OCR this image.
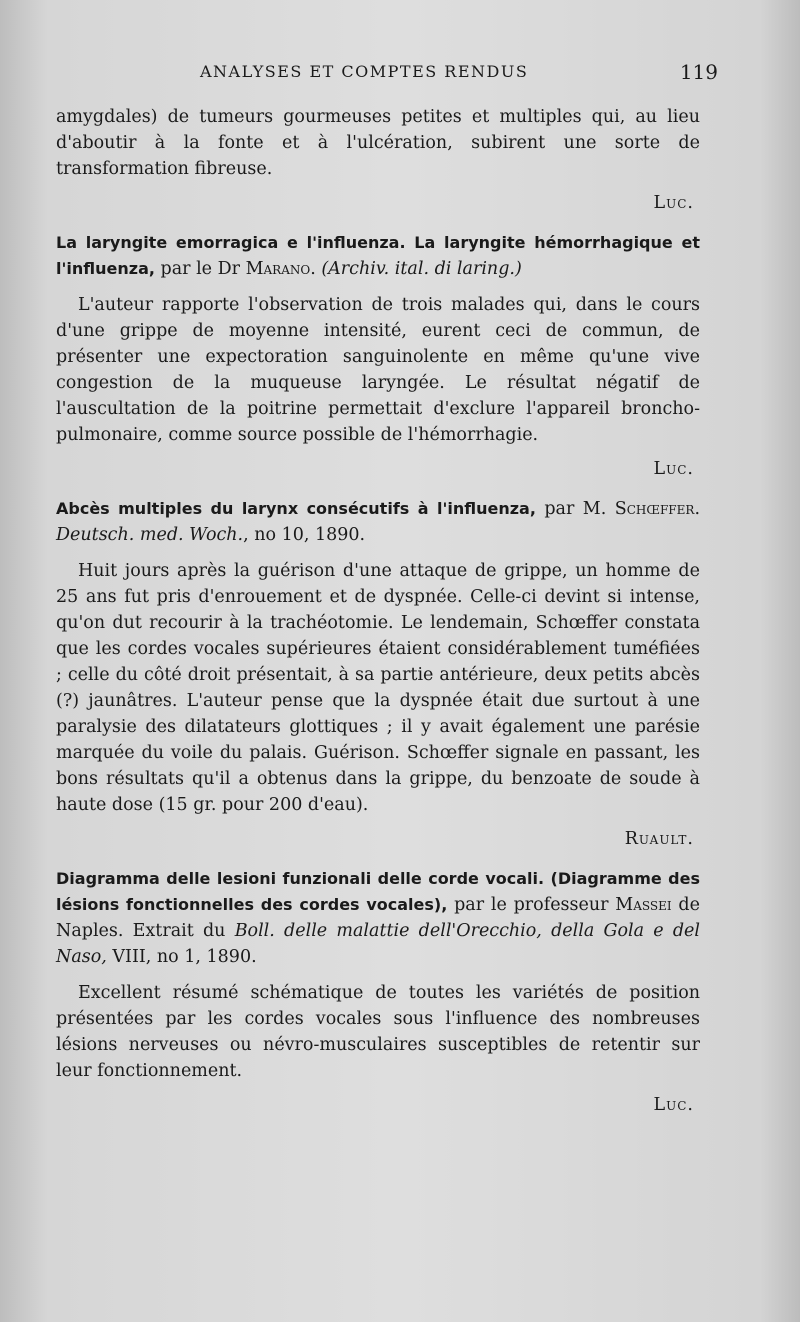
ANALYSES ET COMPTES RENDUS	119

amygdales) de tumeurs gourmeuses petites et multiples qui, au lieu d'aboutir à la fonte et à l'ulcération, subirent une sorte de transformation fibreuse.

Luc.

La laryngite emorragica e l'influenza. La laryngite hémorrhagique et l'influenza, par le Dr Marano. (Archiv. ital. di laring.)

L'auteur rapporte l'observation de trois malades qui, dans le cours d'une grippe de moyenne intensité, eurent ceci de commun, de présenter une expectoration sanguinolente en même qu'une vive congestion de la muqueuse laryngée. Le résultat négatif de l'auscultation de la poitrine permettait d'exclure l'appareil broncho-pulmonaire, comme source possible de l'hémorrhagie.

Luc.

Abcès multiples du larynx consécutifs à l'influenza, par M. Schœffer. Deutsch. med. Woch., no 10, 1890.

Huit jours après la guérison d'une attaque de grippe, un homme de 25 ans fut pris d'enrouement et de dyspnée. Celle-ci devint si intense, qu'on dut recourir à la trachéotomie. Le lendemain, Schœffer constata que les cordes vocales supérieures étaient considérablement tuméfiées ; celle du côté droit présentait, à sa partie antérieure, deux petits abcès (?) jaunâtres. L'auteur pense que la dyspnée était due surtout à une paralysie des dilatateurs glottiques ; il y avait également une parésie marquée du voile du palais. Guérison. Schœffer signale en passant, les bons résultats qu'il a obtenus dans la grippe, du benzoate de soude à haute dose (15 gr. pour 200 d'eau).

Ruault.

Diagramma delle lesioni funzionali delle corde vocali. (Diagramme des lésions fonctionnelles des cordes vocales), par le professeur Massei de Naples. Extrait du Boll. delle malattie dell'Orecchio, della Gola e del Naso, VIII, no 1, 1890.

Excellent résumé schématique de toutes les variétés de position présentées par les cordes vocales sous l'influence des nombreuses lésions nerveuses ou névro-musculaires susceptibles de retentir sur leur fonctionnement.

Luc.
